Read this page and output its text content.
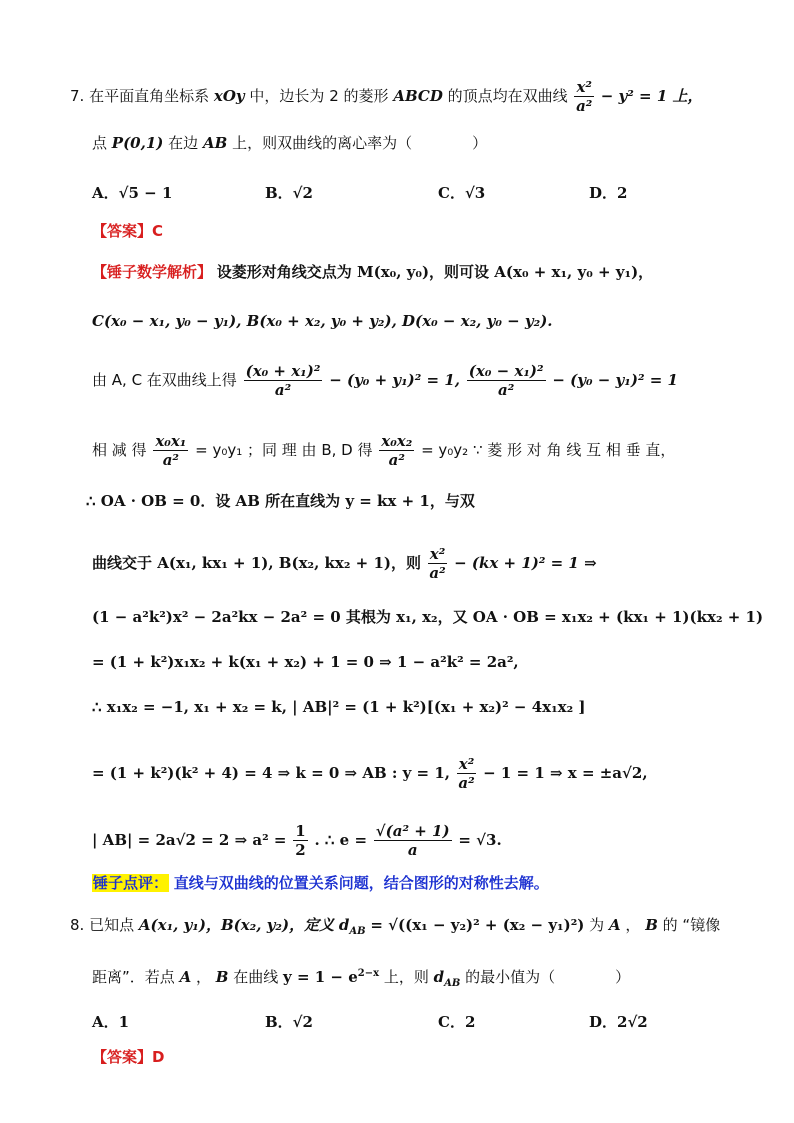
7. 在平面直角坐标系 xOy 中，边长为 2 的菱形 ABCD 的顶点均在双曲线 $\frac{\text{x²}}{\text{a²}} - y^2 = 1$ 上，
点 P(0,1) 在边 AB 上，则双曲线的离心率为（　　　　）
A．√5 − 1	B．√2	C．√3	D．2
【答案】C
【锤子数学解析】 设菱形对角线交点为 M(x₀, y₀)，则可设 A(x₀ + x₁, y₀ + y₁)，
C(x₀ − x₁, y₀ − y₁), B(x₀ + x₂, y₀ + y₂), D(x₀ − x₂, y₀ − y₂).
由 A, C 在双曲线上得 $\frac{\text{(x₀ + x₁)²}}{\text{a²}} - (y_0 + y_1)^2 = 1$, $\frac{\text{(x₀ − x₁)²}}{\text{a²}} - (y_0 - y_1)^2 = 1$
相 减 得 $\frac{\text{x₀x₁}}{\text{a²}} = y_0y_1$ ；同 理 由 B, D 得 $\frac{\text{x₀x₂}}{\text{a²}} = y_0y_2$ ∵ 菱 形 对 角 线 互 相 垂 直，
∴ OA · OB = 0．设 AB 所在直线为 y = kx + 1，与双
曲线交于 A(x₁, kx₁ + 1), B(x₂, kx₂ + 1)，则 $\frac{\text{x²}}{\text{a²}} - (kx + 1)^2 = 1$ ⇒
(1 − a²k²)x² − 2a²kx − 2a² = 0 其根为 x₁, x₂，又 OA · OB = x₁x₂ + (kx₁ + 1)(kx₂ + 1)
= (1 + k²)x₁x₂ + k(x₁ + x₂) + 1 = 0 ⇒ 1 − a²k² = 2a²,
∴ x₁x₂ = −1, x₁ + x₂ = k, | AB|² = (1 + k²)[(x₁ + x₂)² − 4x₁x₂ ]
= (1 + k²)(k² + 4) = 4 ⇒ k = 0 ⇒ AB : y = 1, $\frac{\text{x²}}{\text{a²}} - 1 = 1$ ⇒ x = ±a√2,
| AB| = 2a√2 = 2 ⇒ $a^2 = \frac{1}{2}$ . ∴ $e = \frac{\text{√(a² + 1)}}{a} = √3$.
锤子点评： 直线与双曲线的位置关系问题，结合图形的对称性去解。
8. 已知点 A(x₁, y₁)，B(x₂, y₂)，定义 $d_{AB} = √((x_1 - y_2)^2 + (x_2 - y_1)^2)$ 为 A ， B 的 “镜像
距离”．若点 A ， B 在曲线 $y = 1 - e^{2-x}$ 上，则 $d_{AB}$ 的最小值为（　　　　）
A．1	B．√2	C．2	D．2√2
【答案】D
